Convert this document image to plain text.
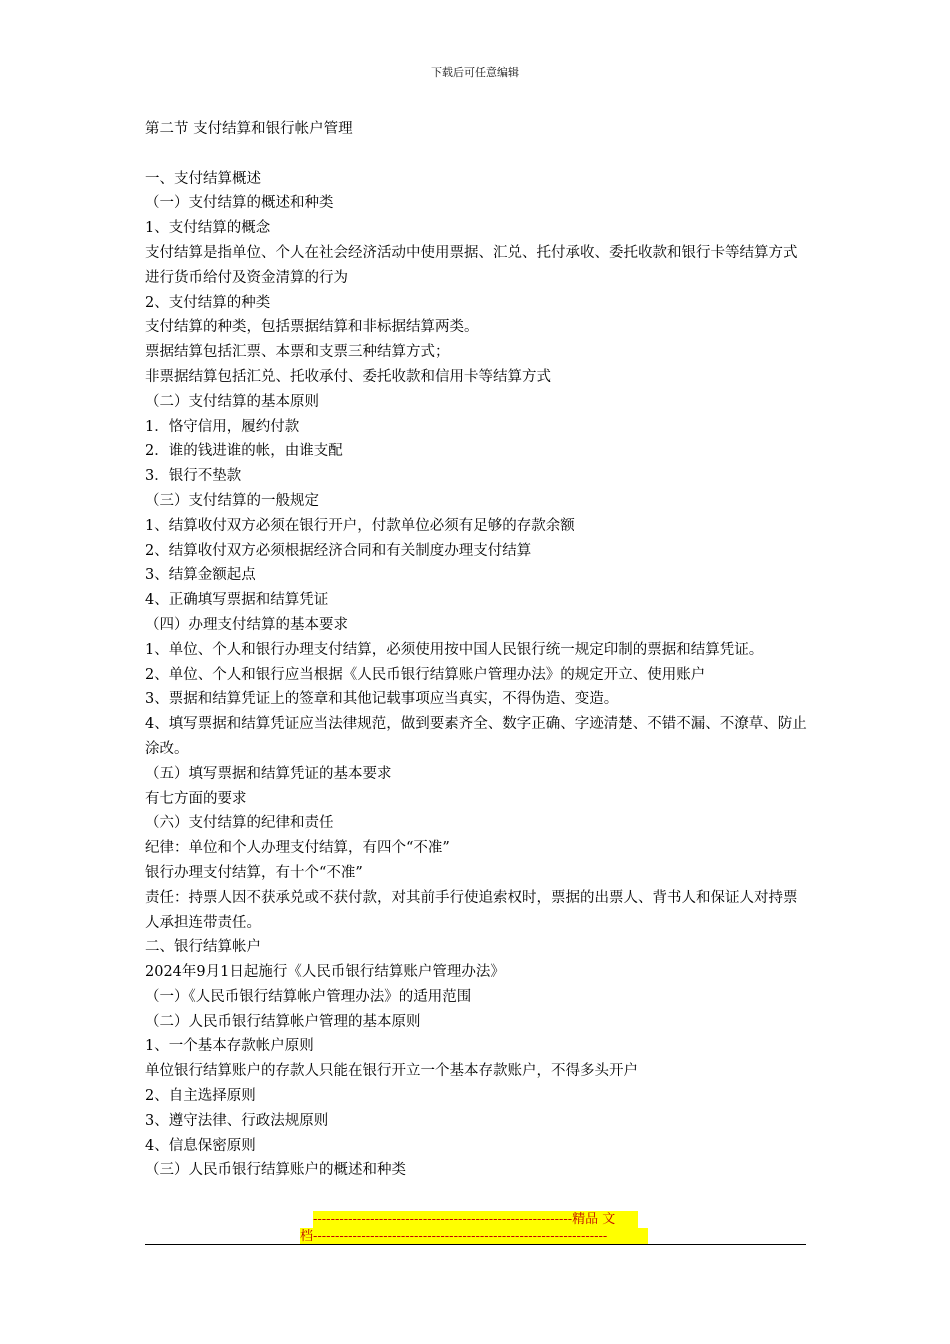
下载后可任意编辑

第二节 支付结算和银行帐户管理

一、支付结算概述

（一）支付结算的概述和种类

1、支付结算的概念

支付结算是指单位、个人在社会经济活动中使用票据、汇兑、托付承收、委托收款和银行卡等结算方式进行货币给付及资金清算的行为

2、支付结算的种类

支付结算的种类，包括票据结算和非标据结算两类。

票据结算包括汇票、本票和支票三种结算方式；

非票据结算包括汇兑、托收承付、委托收款和信用卡等结算方式

（二）支付结算的基本原则

1．恪守信用，履约付款

2．谁的钱进谁的帐，由谁支配

3．银行不垫款

（三）支付结算的一般规定

1、结算收付双方必须在银行开户，付款单位必须有足够的存款余额

2、结算收付双方必须根据经济合同和有关制度办理支付结算

3、结算金额起点

4、正确填写票据和结算凭证

（四）办理支付结算的基本要求

1、单位、个人和银行办理支付结算，必须使用按中国人民银行统一规定印制的票据和结算凭证。

2、单位、个人和银行应当根据《人民币银行结算账户管理办法》的规定开立、使用账户

3、票据和结算凭证上的签章和其他记载事项应当真实，不得伪造、变造。

4、填写票据和结算凭证应当法律规范，做到要素齐全、数字正确、字迹清楚、不错不漏、不潦草、防止涂改。

（五）填写票据和结算凭证的基本要求

有七方面的要求

（六）支付结算的纪律和责任

纪律：单位和个人办理支付结算，有四个“不准”

银行办理支付结算，有十个“不准”

责任：持票人因不获承兑或不获付款，对其前手行使追索权时，票据的出票人、背书人和保证人对持票人承担连带责任。

二、银行结算帐户

2024年9月1日起施行《人民币银行结算账户管理办法》

（一）《人民币银行结算帐户管理办法》的适用范围

（二）人民币银行结算帐户管理的基本原则

1、一个基本存款帐户原则

单位银行结算账户的存款人只能在银行开立一个基本存款账户，不得多头开户

2、自主选择原则

3、遵守法律、行政法规原则

4、信息保密原则

（三）人民币银行结算账户的概述和种类

-----------------------------------------------------------精品 文
档-------------------------------------------------------------------
